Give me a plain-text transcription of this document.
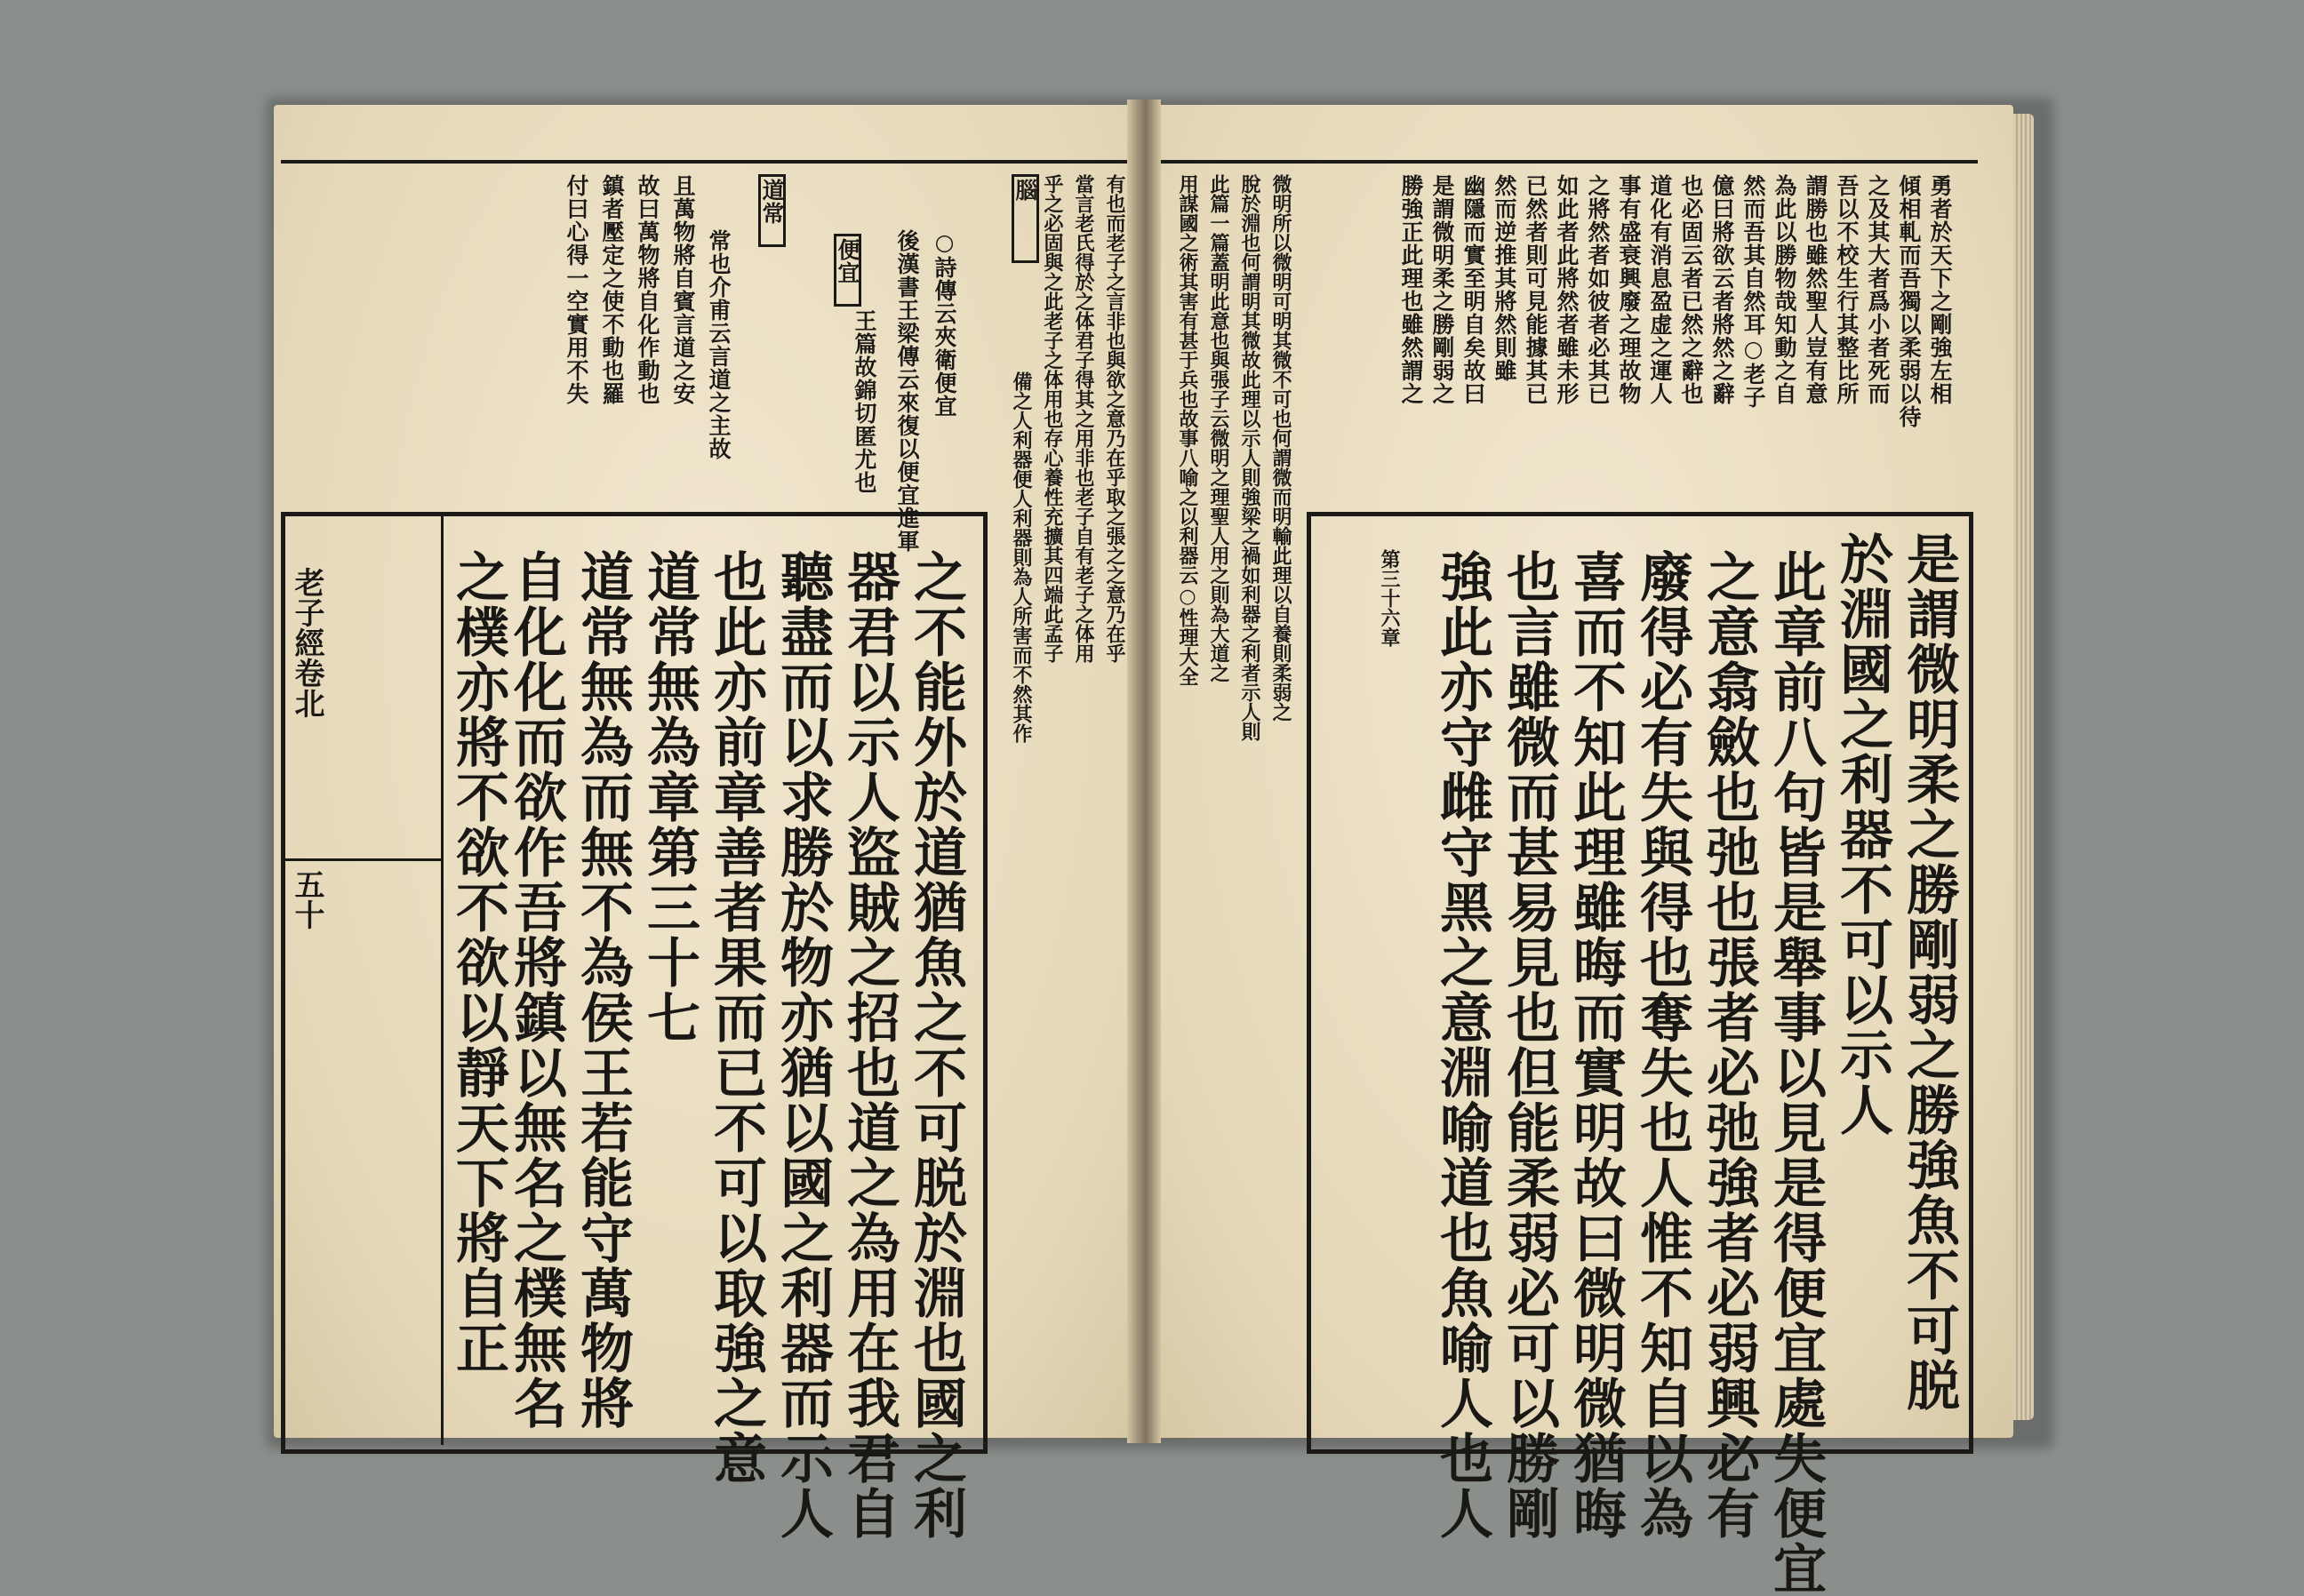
老子經卷北
五十
腦
道常
便宜	○詩傳云夾衛便宜
後漢書王梁傳云來復以便宜進軍
王篇故錦切匿尤也
常也介甫云言道之主故
且萬物將自賓言道之安
故曰萬物將自化作動也
鎮者壓定之使不動也羅
付曰心得一空實用不失	有也而老子之言非也與欲之意乃在乎取之張之之意乃在乎
當言老氏得於之体君子得其之用非也老子自有老子之体用
乎之必固與之此老子之体用也存心養性充擴其四端此孟子
備之人利器便人利器則為人所害而不然其作
之不能外於道猶魚之不可脱於淵也國之利
器君以示人盜賊之招也道之為用在我君自
聽盡而以求勝於物亦猶以國之利器而示人
也此亦前章善者果而已不可以取強之意
道常無為章第三十七
道常無為而無不為侯王若能守萬物將
自化化而欲作吾將鎮以無名之樸無名
之樸亦將不欲不欲以靜天下將自正
勇者於天下之剛強左相
傾相軋而吾獨以柔弱以待
之及其大者爲小者死而
吾以不校生行其整比所
謂勝也雖然聖人豈有意
為此以勝物哉知動之自
然而吾其自然耳○老子
億曰將欲云者將然之辭
也必固云者已然之辭也
道化有消息盈虚之運人
事有盛衰興廢之理故物
之將然者如彼者必其已
如此者此將然者雖未形
已然者則可見能據其已
然而逆推其將然則雖
幽隱而實至明自矣故曰
是謂微明柔之勝剛弱之
勝強正此理也雖然謂之
微明所以微明可明其微不可也何謂微而明輸此理以自養則柔弱之
脫於淵也何謂明其微故此理以示人則強梁之禍如利器之利者示人則
此篇一篇蓋明此意也與張子云微明之理聖人用之則為大道之
用謀國之術其害有甚于兵也故事八喻之以利器云○性理大全
是謂微明柔之勝剛弱之勝強魚不可脱
於淵國之利器不可以示人
此章前八句皆是舉事以見是得便宜處失便宜
之意翕斂也弛也張者必弛強者必弱興必有
廢得必有失與得也奪失也人惟不知自以為
喜而不知此理雖晦而實明故曰微明微猶晦
也言雖微而甚易見也但能柔弱必可以勝剛
強此亦守雌守黑之意淵喻道也魚喻人也人
第三十六章
